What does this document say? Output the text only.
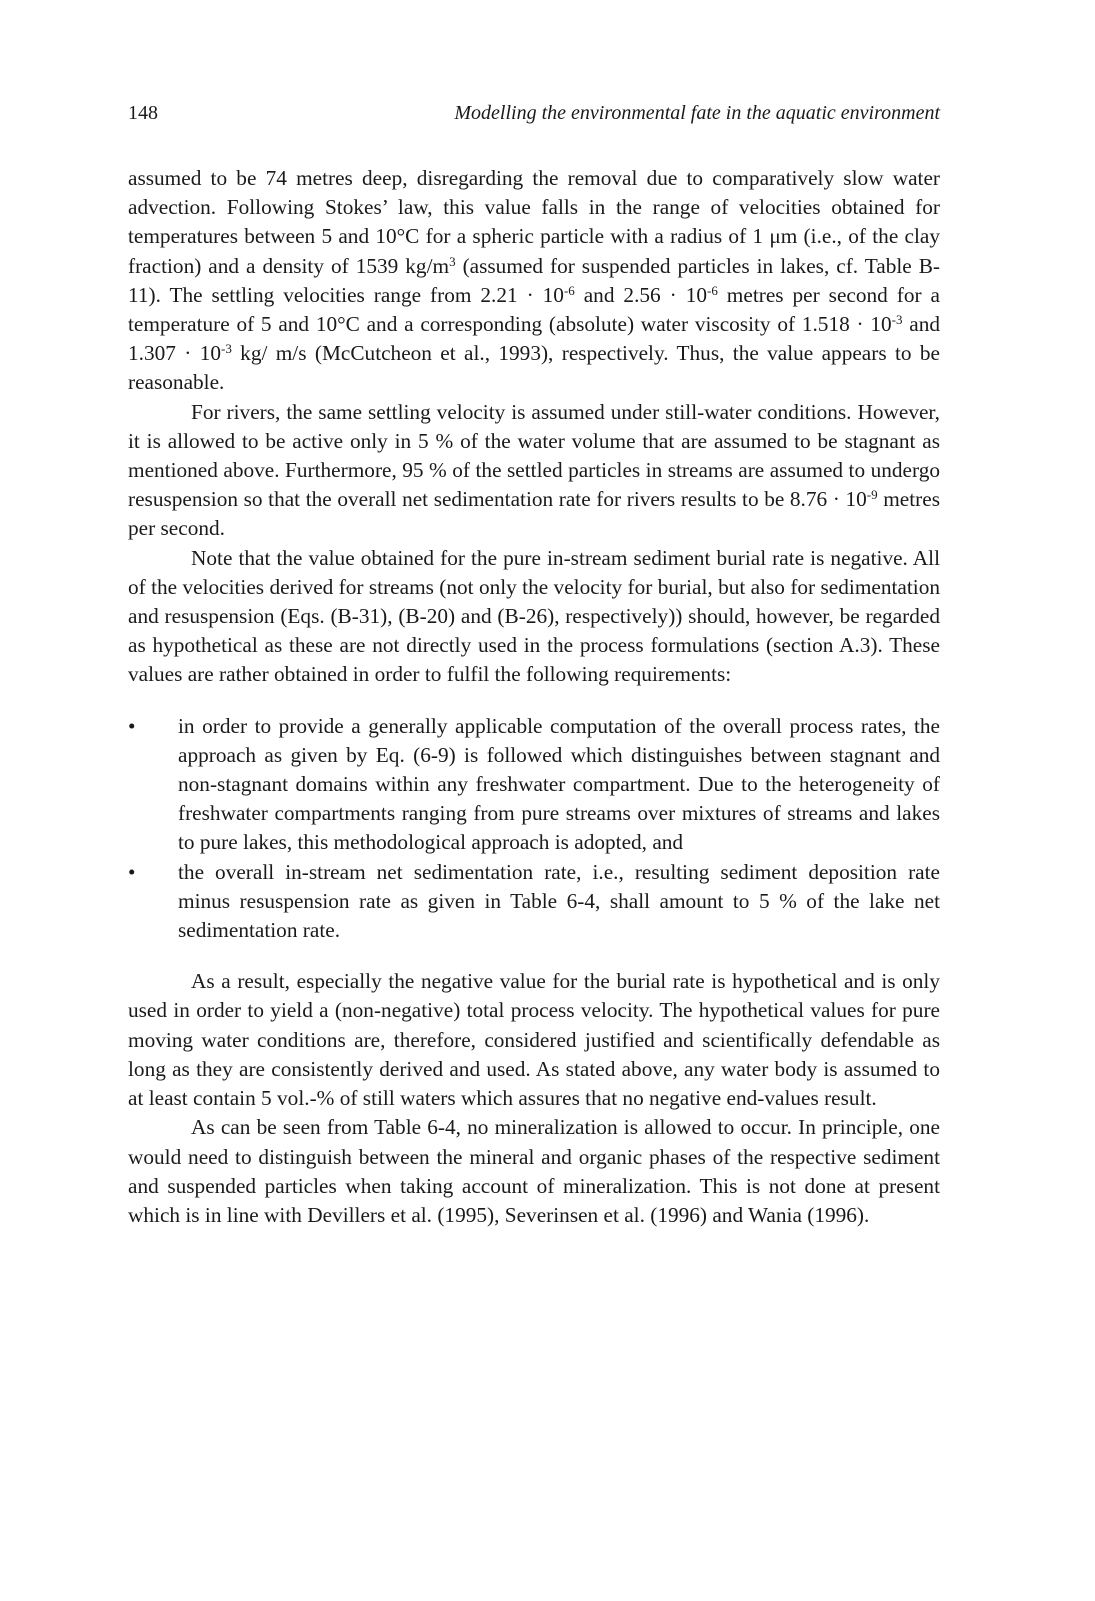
148	Modelling the environmental fate in the aquatic environment

assumed to be 74 metres deep, disregarding the removal due to comparatively slow water advection. Following Stokes’ law, this value falls in the range of velocities obtained for temperatures between 5 and 10°C for a spheric particle with a radius of 1 μm (i.e., of the clay fraction) and a density of 1539 $kg/m^3$ (assumed for suspended particles in lakes, cf. Table B-11). The settling velocities range from $2.21 \cdot 10^{-6}$ and $2.56 \cdot 10^{-6}$ metres per second for a temperature of 5 and 10°C and a corresponding (absolute) water viscosity of $1.518 \cdot 10^{-3}$ and $1.307 \cdot 10^{-3}$ kg/ m/s (McCutcheon et al., 1993), respectively. Thus, the value appears to be reasonable.

For rivers, the same settling velocity is assumed under still-water conditions. However, it is allowed to be active only in 5 % of the water volume that are assumed to be stagnant as mentioned above. Furthermore, 95 % of the settled particles in streams are assumed to undergo resuspension so that the overall net sedimentation rate for rivers results to be $8.76 \cdot 10^{-9}$ metres per second.

Note that the value obtained for the pure in-stream sediment burial rate is negative. All of the velocities derived for streams (not only the velocity for burial, but also for sedimentation and resuspension (Eqs. (B-31), (B-20) and (B-26), respectively)) should, however, be regarded as hypothetical as these are not directly used in the process formulations (section A.3). These values are rather obtained in order to fulfil the following requirements:

• in order to provide a generally applicable computation of the overall process rates, the approach as given by Eq. (6-9) is followed which distinguishes between stagnant and non-stagnant domains within any freshwater compartment. Due to the heterogeneity of freshwater compartments ranging from pure streams over mixtures of streams and lakes to pure lakes, this methodological approach is adopted, and
• the overall in-stream net sedimentation rate, i.e., resulting sediment deposition rate minus resuspension rate as given in Table 6-4, shall amount to 5 % of the lake net sedimentation rate.

As a result, especially the negative value for the burial rate is hypothetical and is only used in order to yield a (non-negative) total process velocity. The hypothetical values for pure moving water conditions are, therefore, considered justified and scientifically defendable as long as they are consistently derived and used. As stated above, any water body is assumed to at least contain 5 vol.-% of still waters which assures that no negative end-values result.

As can be seen from Table 6-4, no mineralization is allowed to occur. In principle, one would need to distinguish between the mineral and organic phases of the respective sediment and suspended particles when taking account of mineralization. This is not done at present which is in line with Devillers et al. (1995), Severinsen et al. (1996) and Wania (1996).
